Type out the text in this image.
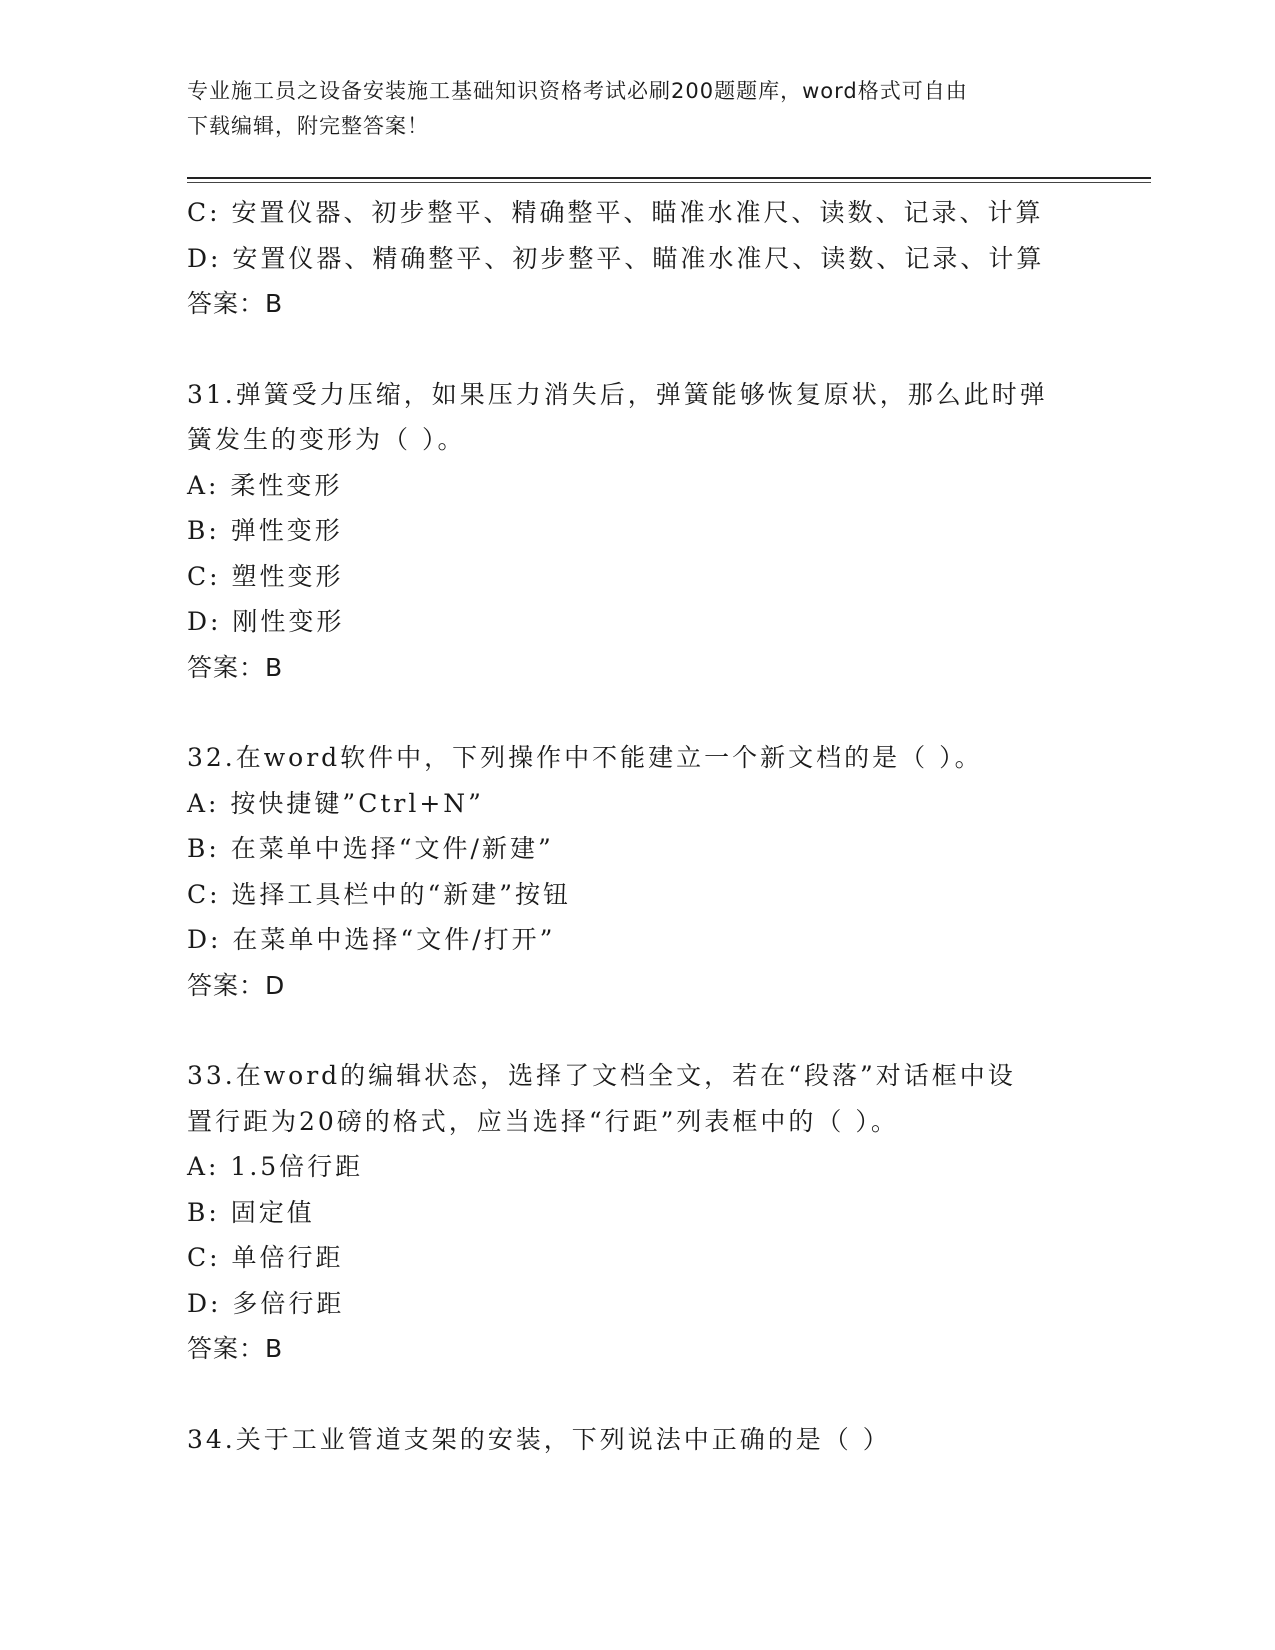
专业施工员之设备安装施工基础知识资格考试必刷200题题库，word格式可自由

下载编辑，附完整答案！

C: 安置仪器、初步整平、精确整平、瞄准水准尺、读数、记录、计算
D: 安置仪器、精确整平、初步整平、瞄准水准尺、读数、记录、计算
答案：B
31.弹簧受力压缩，如果压力消失后，弹簧能够恢复原状，那么此时弹
簧发生的变形为（ ）。
A: 柔性变形
B: 弹性变形
C: 塑性变形
D: 刚性变形
答案：B
32.在word软件中，下列操作中不能建立一个新文档的是（ ）。
A: 按快捷键”Ctrl+N”
B: 在菜单中选择“文件/新建”
C: 选择工具栏中的“新建”按钮
D: 在菜单中选择“文件/打开”
答案：D
33.在word的编辑状态，选择了文档全文，若在“段落”对话框中设
置行距为20磅的格式，应当选择“行距”列表框中的（ ）。
A: 1.5倍行距
B: 固定值
C: 单倍行距
D: 多倍行距
答案：B
34.关于工业管道支架的安装，下列说法中正确的是（ ）
